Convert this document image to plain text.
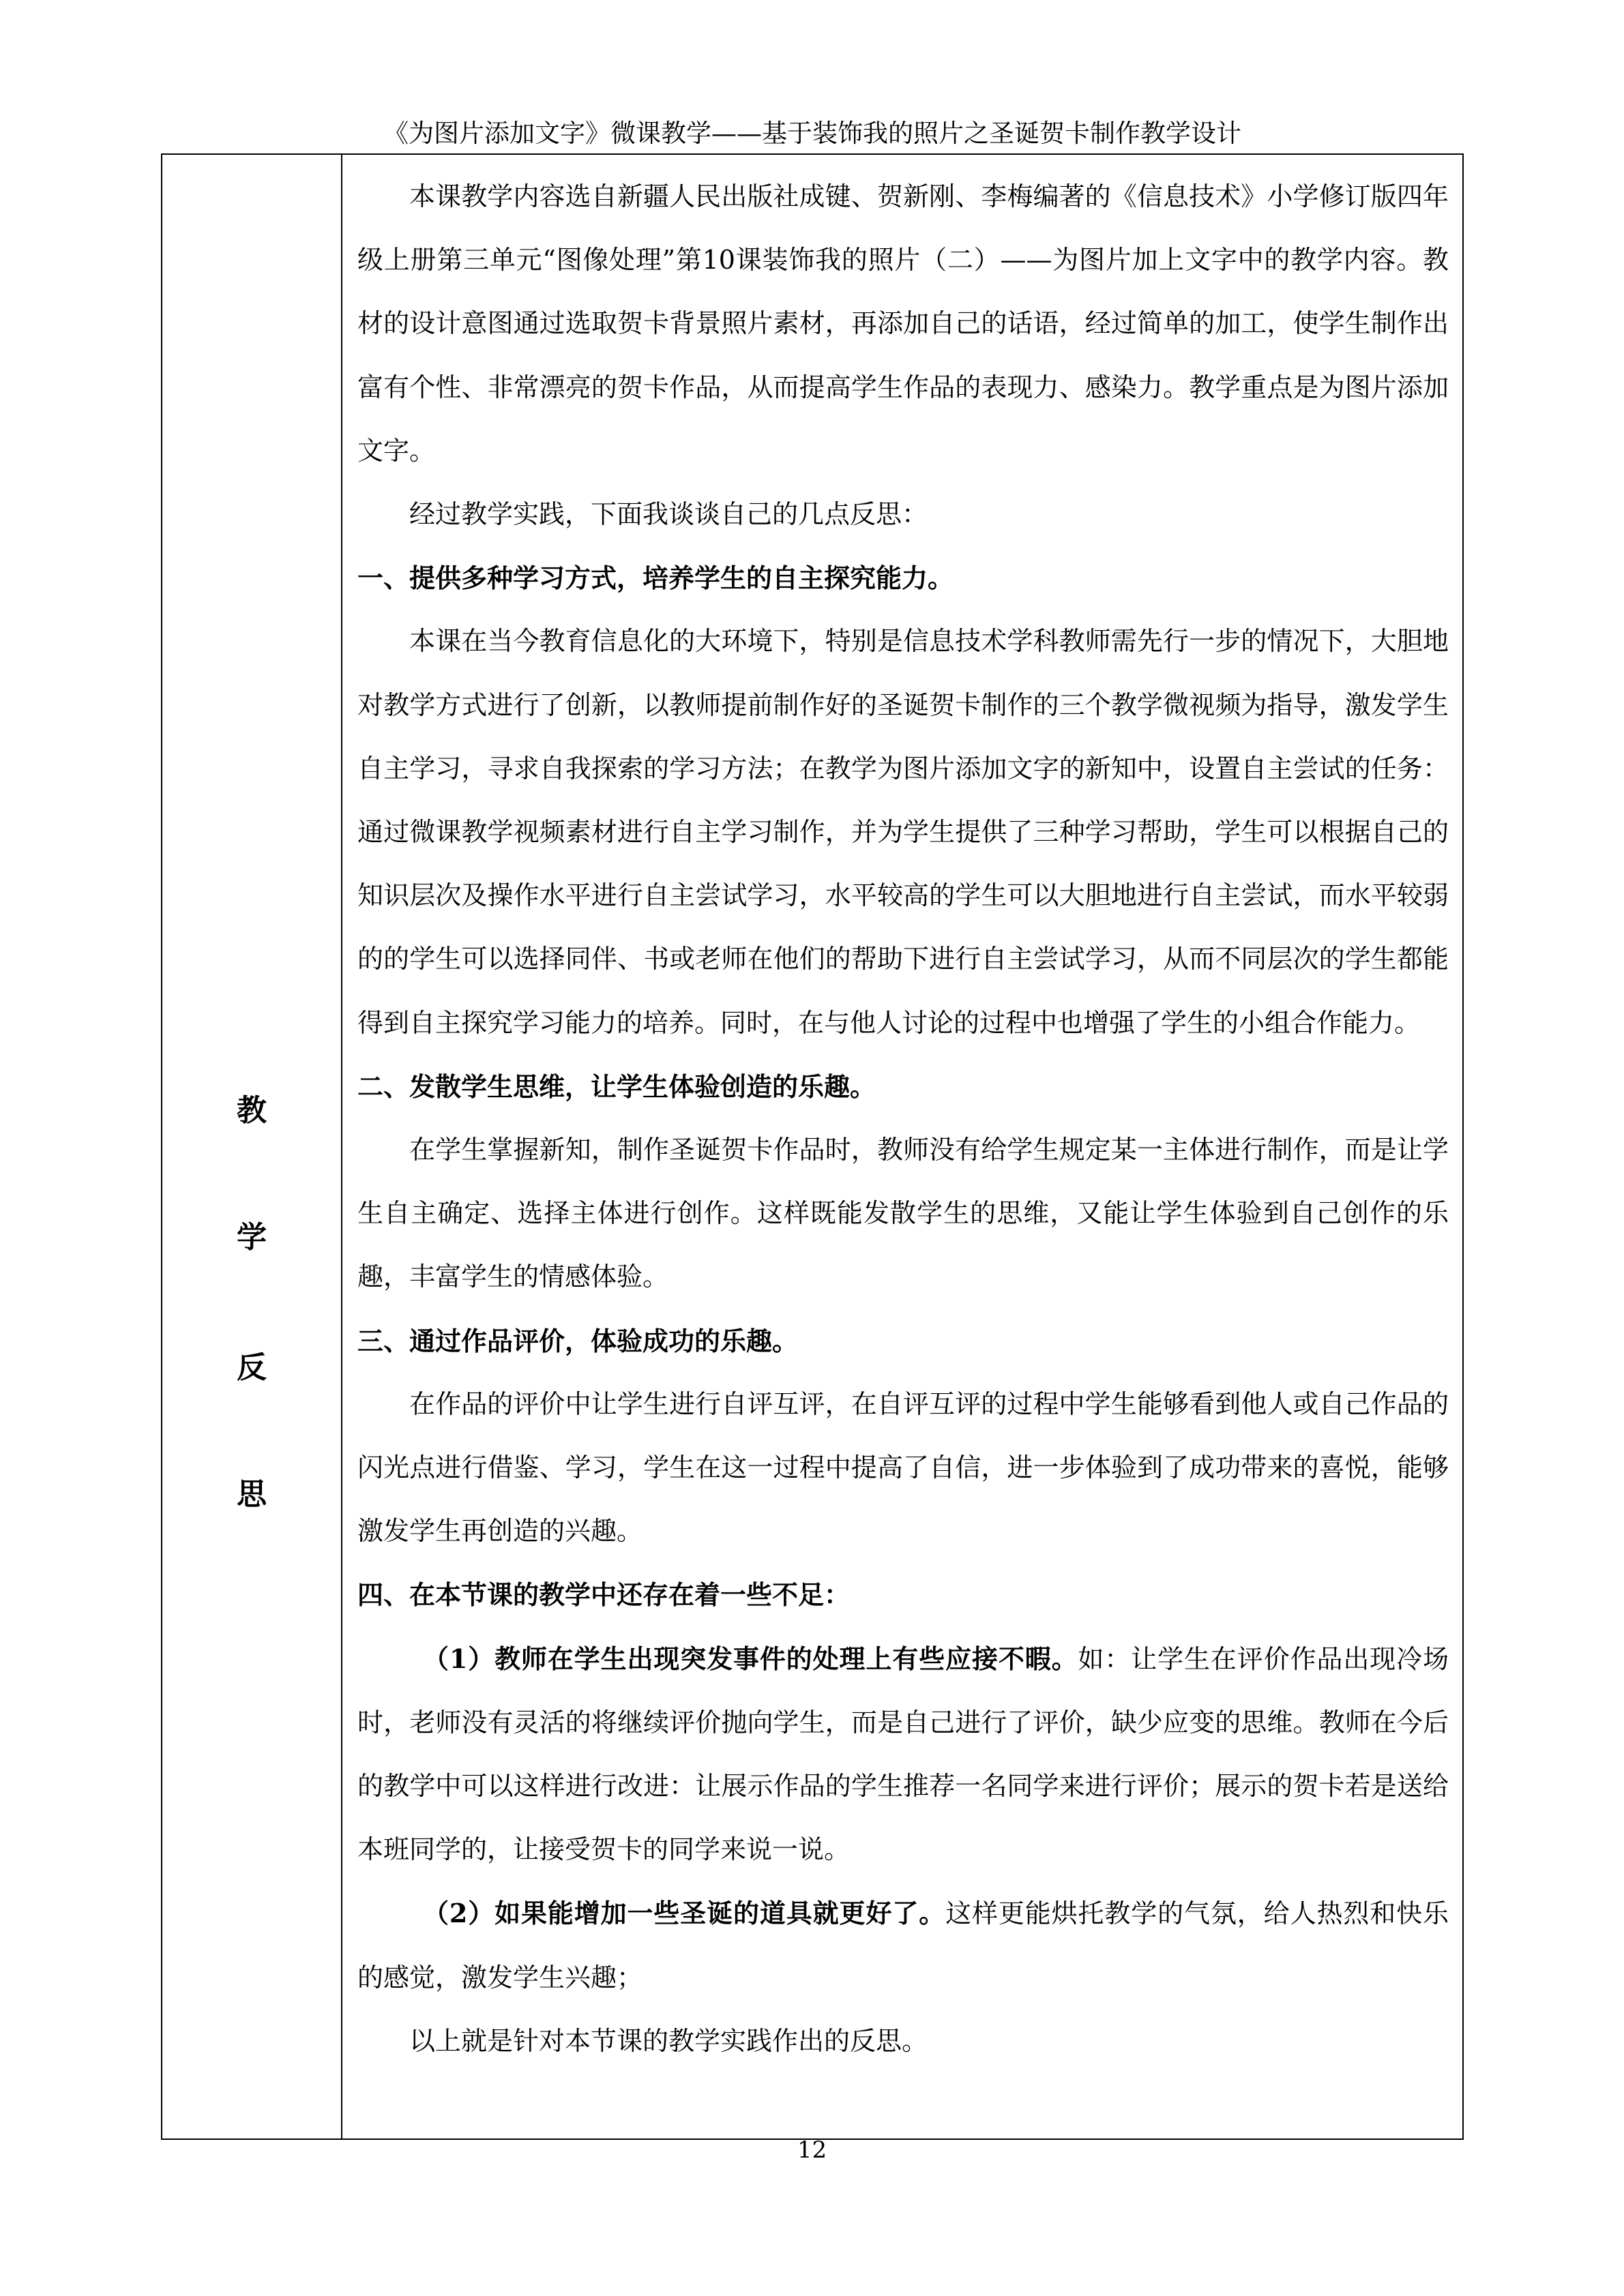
《为图片添加文字》微课教学——基于装饰我的照片之圣诞贺卡制作教学设计
教
学
反
思

本课教学内容选自新疆人民出版社成键、贺新刚、李梅编著的《信息技术》小学修订版四年级上册第三单元“图像处理”第10课装饰我的照片（二）——为图片加上文字中的教学内容。教材的设计意图通过选取贺卡背景照片素材，再添加自己的话语，经过简单的加工，使学生制作出富有个性、非常漂亮的贺卡作品，从而提高学生作品的表现力、感染力。教学重点是为图片添加文字。

经过教学实践，下面我谈谈自己的几点反思：

一、提供多种学习方式，培养学生的自主探究能力。

本课在当今教育信息化的大环境下，特别是信息技术学科教师需先行一步的情况下，大胆地对教学方式进行了创新，以教师提前制作好的圣诞贺卡制作的三个教学微视频为指导，激发学生自主学习，寻求自我探索的学习方法；在教学为图片添加文字的新知中，设置自主尝试的任务：通过微课教学视频素材进行自主学习制作，并为学生提供了三种学习帮助，学生可以根据自己的知识层次及操作水平进行自主尝试学习，水平较高的学生可以大胆地进行自主尝试，而水平较弱的的学生可以选择同伴、书或老师在他们的帮助下进行自主尝试学习，从而不同层次的学生都能得到自主探究学习能力的培养。同时，在与他人讨论的过程中也增强了学生的小组合作能力。

二、发散学生思维，让学生体验创造的乐趣。

在学生掌握新知，制作圣诞贺卡作品时，教师没有给学生规定某一主体进行制作，而是让学生自主确定、选择主体进行创作。这样既能发散学生的思维，又能让学生体验到自己创作的乐趣，丰富学生的情感体验。

三、通过作品评价，体验成功的乐趣。

在作品的评价中让学生进行自评互评，在自评互评的过程中学生能够看到他人或自己作品的闪光点进行借鉴、学习，学生在这一过程中提高了自信，进一步体验到了成功带来的喜悦，能够激发学生再创造的兴趣。

四、在本节课的教学中还存在着一些不足：

（1）教师在学生出现突发事件的处理上有些应接不暇。如：让学生在评价作品出现冷场时，老师没有灵活的将继续评价抛向学生，而是自己进行了评价，缺少应变的思维。教师在今后的教学中可以这样进行改进：让展示作品的学生推荐一名同学来进行评价；展示的贺卡若是送给本班同学的，让接受贺卡的同学来说一说。

（2）如果能增加一些圣诞的道具就更好了。这样更能烘托教学的气氛，给人热烈和快乐的感觉，激发学生兴趣；

以上就是针对本节课的教学实践作出的反思。

12
